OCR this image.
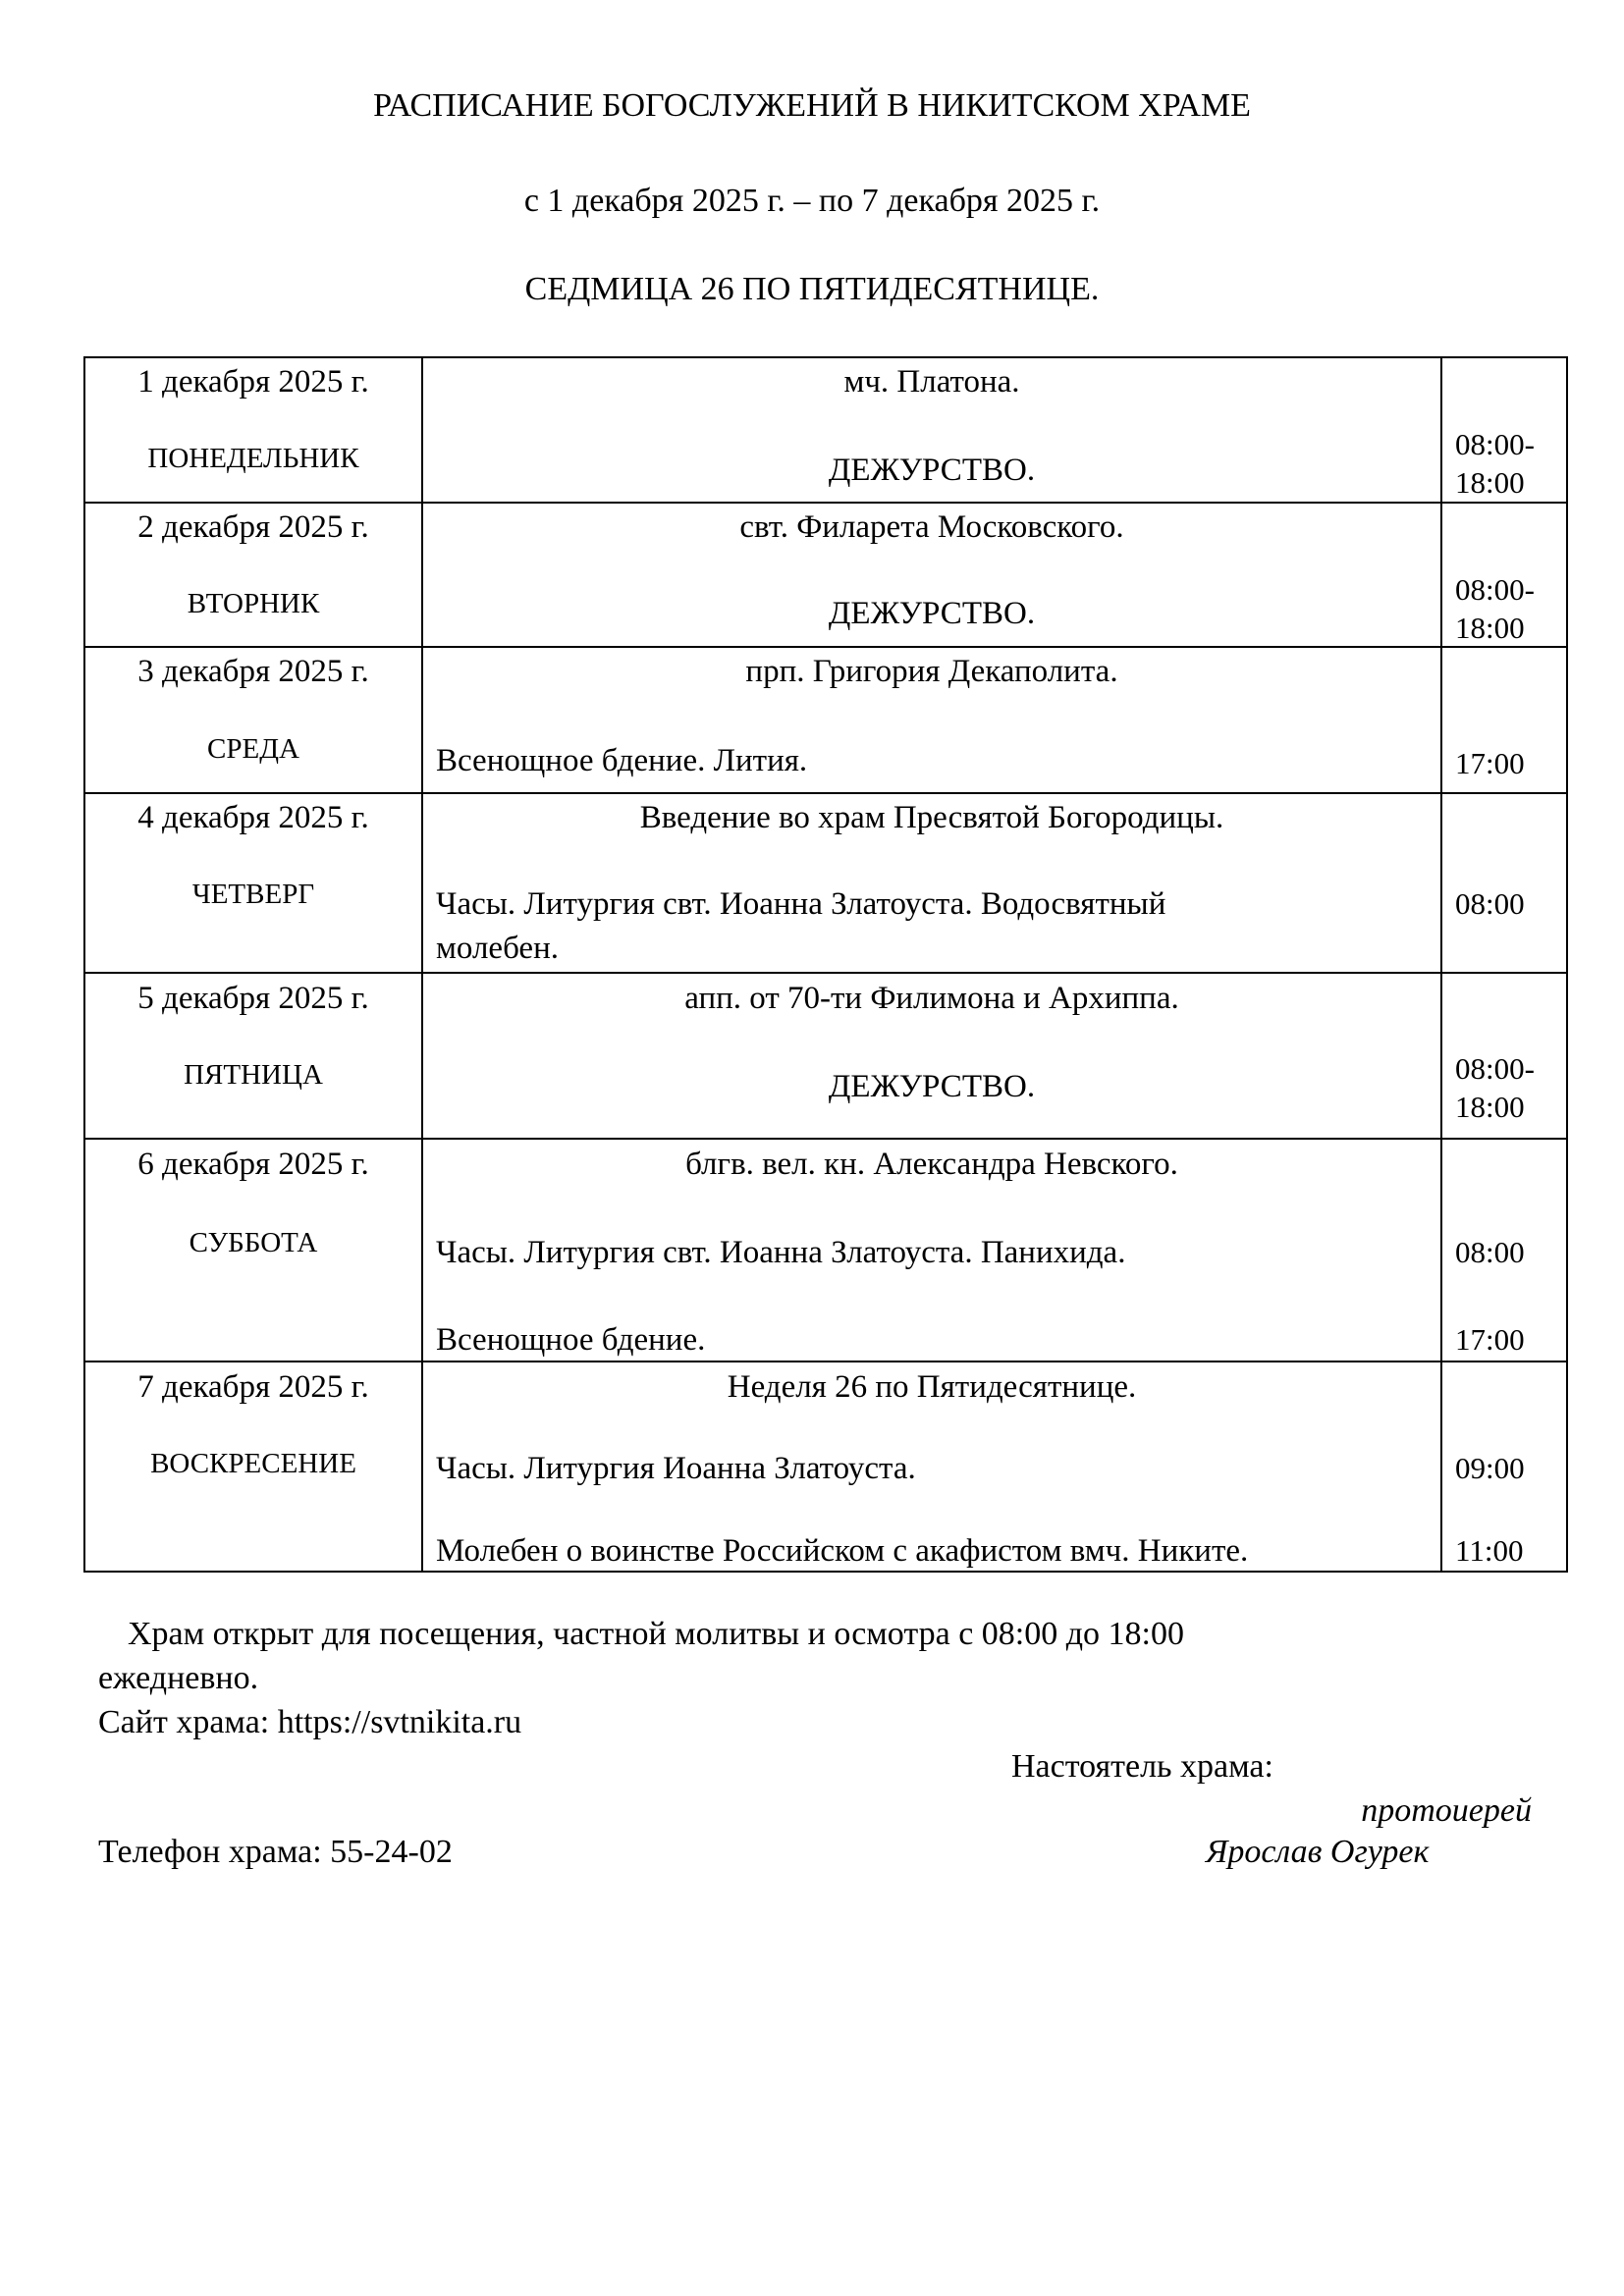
РАСПИСАНИЕ БОГОСЛУЖЕНИЙ В НИКИТСКОМ ХРАМЕ
с 1 декабря 2025 г. – по 7 декабря 2025 г.
СЕДМИЦА 26 ПО ПЯТИДЕСЯТНИЦЕ.
1 декабря 2025 г.
ПОНЕДЕЛЬНИК
мч. Платона.
ДЕЖУРСТВО.
08:00-
18:00
2 декабря 2025 г.
ВТОРНИК
свт. Филарета Московского.
ДЕЖУРСТВО.
08:00-
18:00
3 декабря 2025 г.
СРЕДА
прп. Григория Декаполита.
Всенощное бдение. Лития.	17:00
4 декабря 2025 г.
ЧЕТВЕРГ
Введение во храм Пресвятой Богородицы.
Часы. Литургия свт. Иоанна Златоуста. Водосвятный
молебен.
08:00
5 декабря 2025 г.
ПЯТНИЦА
апп. от 70-ти Филимона и Архиппа.
ДЕЖУРСТВО.
08:00-
18:00
6 декабря 2025 г.
СУББОТА
блгв. вел. кн. Александра Невского.
Часы. Литургия свт. Иоанна Златоуста. Панихида.
Всенощное бдение.
08:00
17:00
7 декабря 2025 г.
ВОСКРЕСЕНИЕ
Неделя 26 по Пятидесятнице.
Часы. Литургия Иоанна Златоуста.
Молебен о воинстве Российском с акафистом вмч. Никите.
09:00
11:00
Храм открыт для посещения, частной молитвы и осмотра с 08:00 до 18:00
ежедневно.
Сайт храма: https://svtnikita.ru
Настоятель храма:
протоиерей
Телефон храма: 55-24-02	Ярослав Огурек
